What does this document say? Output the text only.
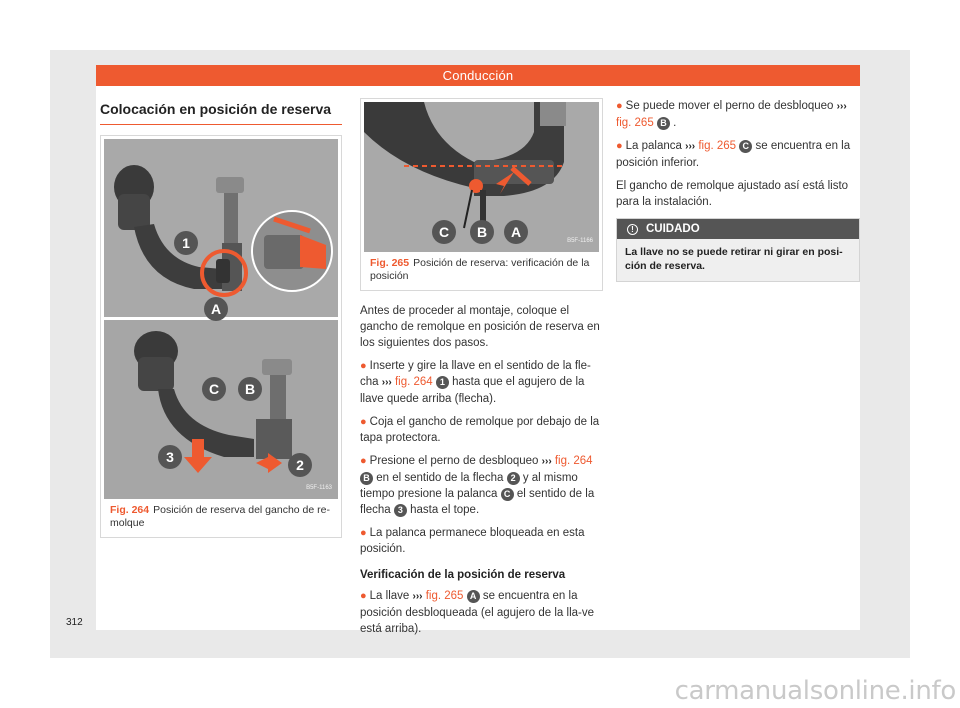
Conducción
Colocación en posición de reserva
1
A
C B
3	2
B5F-1163
Fig. 264 Posición de reserva del gancho de re-molque
C B A
B5F-1166
Fig. 265 Posición de reserva: verificación de la posición

Antes de proceder al montaje, coloque el gancho de remolque en posición de reserva en los siguientes dos pasos.

● Inserte y gire la llave en el sentido de la fle-cha ››› fig. 264 1 hasta que el agujero de la llave quede arriba (flecha).

● Coja el gancho de remolque por debajo de la tapa protectora.

● Presione el perno de desbloqueo ››› fig. 264 B en el sentido de la flecha 2 y al mismo tiempo presione la palanca C el sentido de la flecha 3 hasta el tope.

● La palanca permanece bloqueada en esta posición.

Verificación de la posición de reserva

● La llave ››› fig. 265 A se encuentra en la posición desbloqueada (el agujero de la lla-ve está arriba).

● Se puede mover el perno de desbloqueo ››› fig. 265 B .

● La palanca ››› fig. 265 C se encuentra en la posición inferior.

El gancho de remolque ajustado así está listo para la instalación.

! CUIDADO
La llave no se puede retirar ni girar en posi-ción de reserva.
312
carmanualsonline.info
